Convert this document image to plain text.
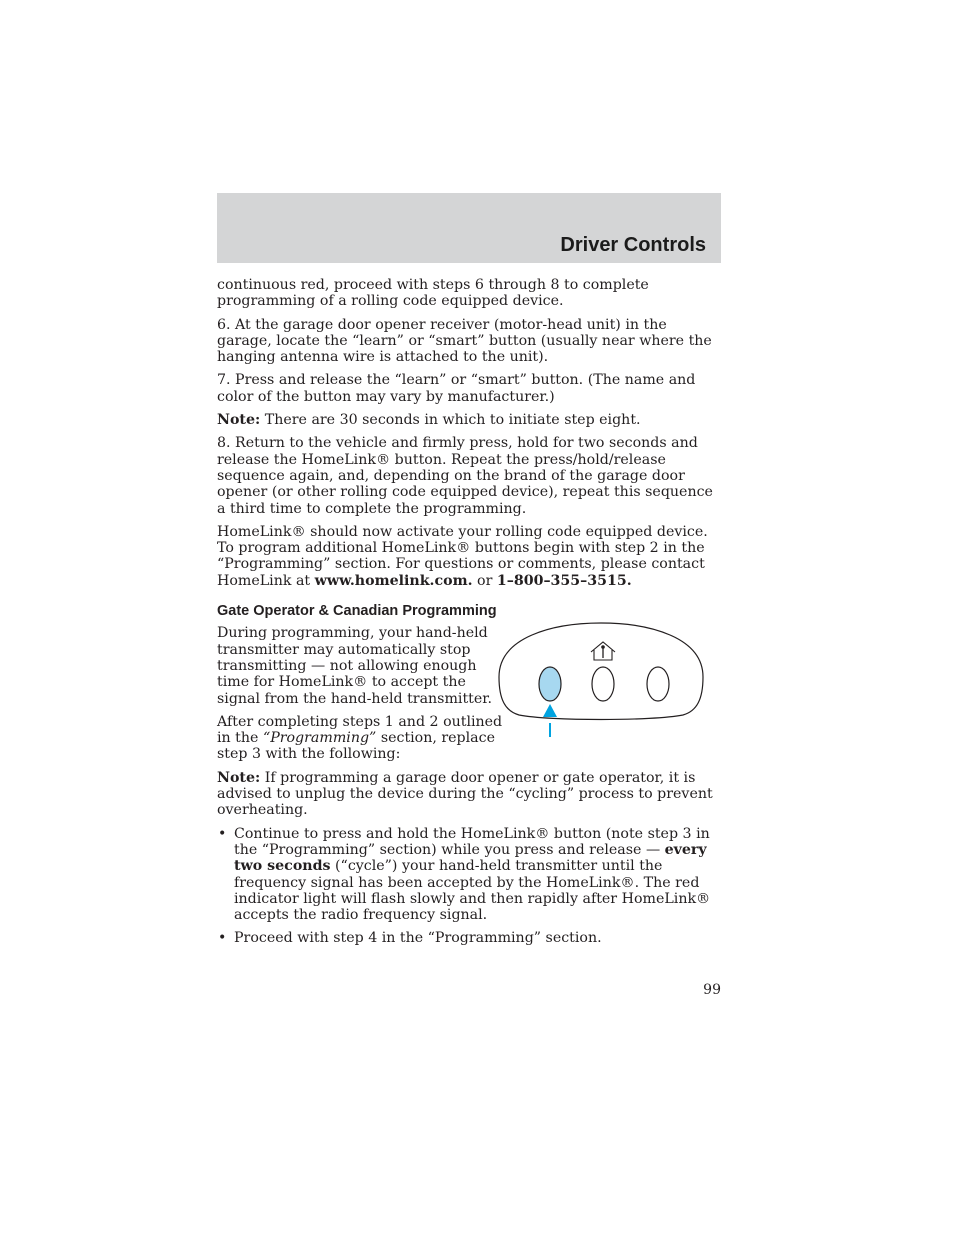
Driver Controls

continuous red, proceed with steps 6 through 8 to complete programming of a rolling code equipped device.

6. At the garage door opener receiver (motor-head unit) in the garage, locate the “learn” or “smart” button (usually near where the hanging antenna wire is attached to the unit).

7. Press and release the “learn” or “smart” button. (The name and color of the button may vary by manufacturer.)

Note: There are 30 seconds in which to initiate step eight.

8. Return to the vehicle and firmly press, hold for two seconds and release the HomeLink® button. Repeat the press/hold/release sequence again, and, depending on the brand of the garage door opener (or other rolling code equipped device), repeat this sequence a third time to complete the programming.

HomeLink® should now activate your rolling code equipped device. To program additional HomeLink® buttons begin with step 2 in the “Programming” section. For questions or comments, please contact HomeLink at www.homelink.com. or 1–800–355–3515.

Gate Operator & Canadian Programming

During programming, your hand-held transmitter may automatically stop transmitting — not allowing enough time for HomeLink® to accept the signal from the hand-held transmitter.

After completing steps 1 and 2 outlined in the “Programming” section, replace step 3 with the following:

Note: If programming a garage door opener or gate operator, it is advised to unplug the device during the “cycling” process to prevent overheating.

• Continue to press and hold the HomeLink® button (note step 3 in the “Programming” section) while you press and release — every two seconds (“cycle”) your hand-held transmitter until the frequency signal has been accepted by the HomeLink®. The red indicator light will flash slowly and then rapidly after HomeLink® accepts the radio frequency signal.
• Proceed with step 4 in the “Programming” section.
99
